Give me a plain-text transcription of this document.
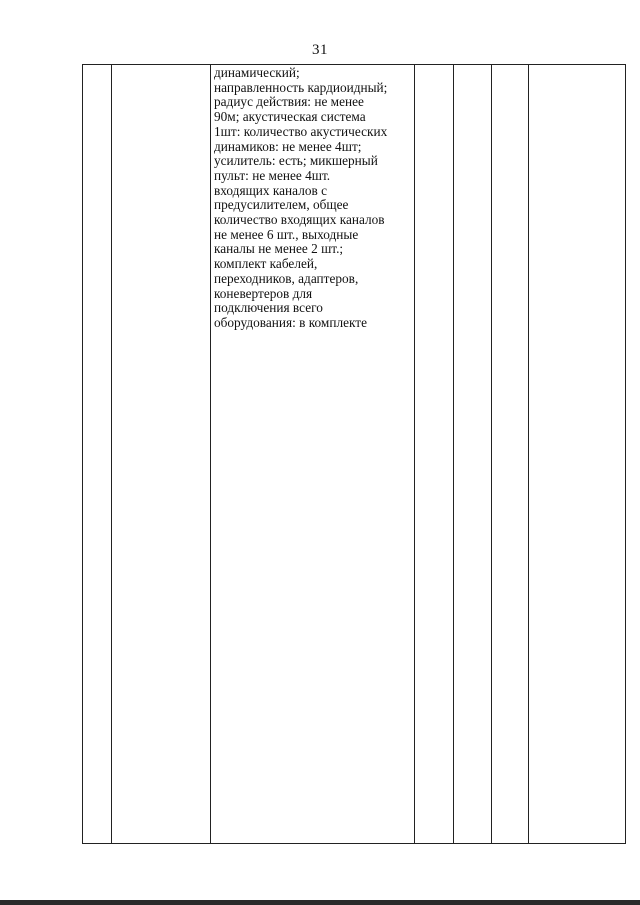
31

динамический;
направленность кардиоидный;
радиус действия: не менее
90м; акустическая система
1шт: количество акустических
динамиков: не менее 4шт;
усилитель: есть; микшерный
пульт: не менее 4шт.
входящих каналов с
предусилителем, общее
количество входящих каналов
не менее 6 шт., выходные
каналы не менее 2 шт.;
комплект кабелей,
переходников, адаптеров,
коневертеров для
подключения всего
оборудования: в комплекте
